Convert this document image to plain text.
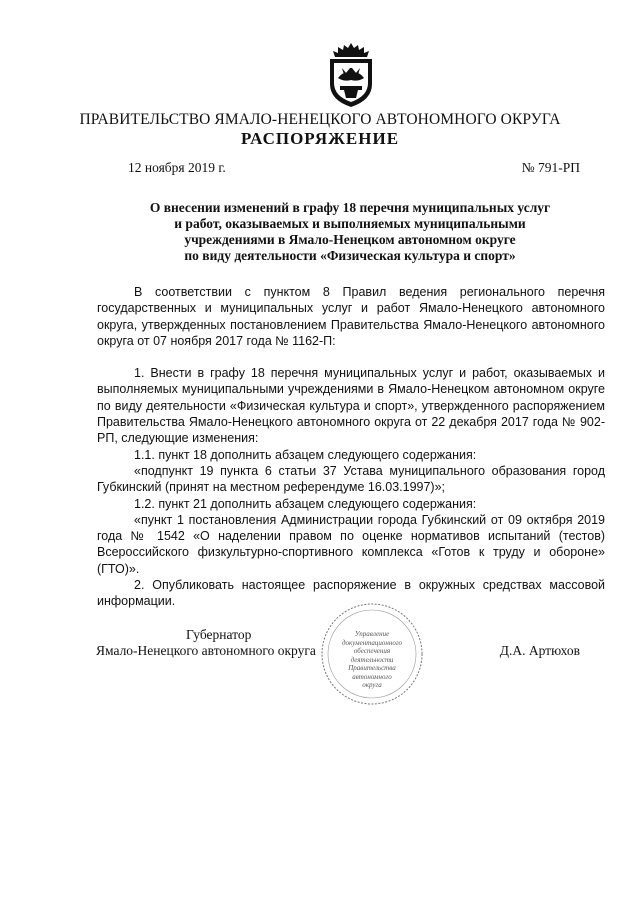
ПРАВИТЕЛЬСТВО ЯМАЛО-НЕНЕЦКОГО АВТОНОМНОГО ОКРУГА
РАСПОРЯЖЕНИЕ
12 ноября 2019 г.	№ 791-РП
О внесении изменений в графу 18 перечня муниципальных услуг
и работ, оказываемых и выполняемых муниципальными
учреждениями в Ямало-Ненецком автономном округе
по виду деятельности «Физическая культура и спорт»

В соответствии с пунктом 8 Правил ведения регионального перечня государственных и муниципальных услуг и работ Ямало-Ненецкого автономного округа, утвержденных постановлением Правительства Ямало-Ненецкого автономного округа от 07 ноября 2017 года № 1162-П:

1. Внести в графу 18 перечня муниципальных услуг и работ, оказываемых и выполняемых муниципальными учреждениями в Ямало-Ненецком автономном округе по виду деятельности «Физическая культура и спорт», утвержденного распоряжением Правительства Ямало-Ненецкого автономного округа от 22 декабря 2017 года № 902-РП, следующие изменения:

1.1. пункт 18 дополнить абзацем следующего содержания:

«подпункт 19 пункта 6 статьи 37 Устава муниципального образования город Губкинский (принят на местном референдуме 16.03.1997)»;

1.2. пункт 21 дополнить абзацем следующего содержания:

«пункт 1 постановления Администрации города Губкинский от 09 октября 2019 года № 1542 «О наделении правом по оценке нормативов испытаний (тестов) Всероссийского физкультурно-спортивного комплекса «Готов к труду и обороне» (ГТО)».

2. Опубликовать настоящее распоряжение в окружных средствах массовой информации.

Управление
документационного
обеспечения
деятельности
Правительства
автономного
округа
Губернатор
Ямало-Ненецкого автономного округа	Д.А. Артюхов
